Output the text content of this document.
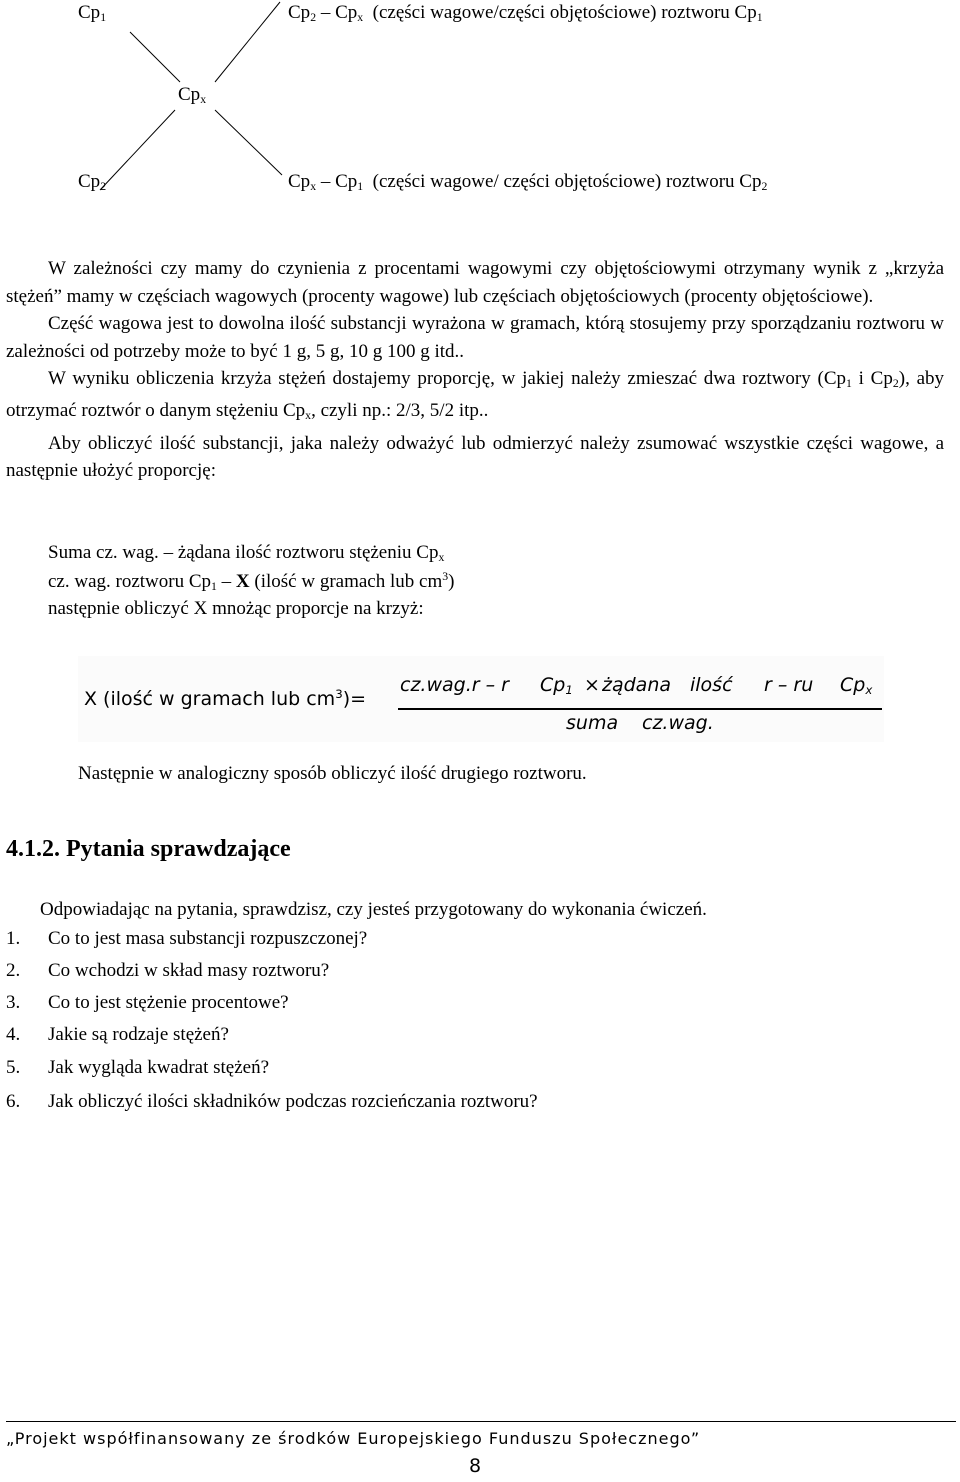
$Cp_1$	$Cp_2 - Cp_x$ (części wagowe/części objętościowe) roztworu $Cp_1$
$Cp_x$
$Cp_2$	$Cp_x - Cp_1$ (części wagowe/ części objętościowe) roztworu $Cp_2$

W zależności czy mamy do czynienia z procentami wagowymi czy objętościowymi otrzymany wynik z „krzyża stężeń” mamy w częściach wagowych (procenty wagowe) lub częściach objętościowych (procenty objętościowe).

Część wagowa jest to dowolna ilość substancji wyrażona w gramach, którą stosujemy przy sporządzaniu roztworu w zależności od potrzeby może to być 1 g, 5 g, 10 g 100 g itd..

W wyniku obliczenia krzyża stężeń dostajemy proporcję, w jakiej należy zmieszać dwa roztwory ($Cp_1$ i $Cp_2$), aby otrzymać roztwór o danym stężeniu $Cp_x$, czyli np.: 2/3, 5/2 itp..

Aby obliczyć ilość substancji, jaka należy odważyć lub odmierzyć należy zsumować wszystkie części wagowe, a następnie ułożyć proporcję:

Suma cz. wag. – żądana ilość roztworu stężeniu $Cp_x$
cz. wag. roztworu $Cp_1$ – X (ilość w gramach lub $cm^3$)
następnie obliczyć X mnożąc proporcje na krzyż:
X (ilość w gramach lub $cm^3)=$
cz.wag.r – r $Cp_1$ × żądana ilość r – ru $Cp_x$
suma cz.wag.
Następnie w analogiczny sposób obliczyć ilość drugiego roztworu.
4.1.2. Pytania sprawdzające
Odpowiadając na pytania, sprawdzisz, czy jesteś przygotowany do wykonania ćwiczeń.
1. Co to jest masa substancji rozpuszczonej?
2. Co wchodzi w skład masy roztworu?
3. Co to jest stężenie procentowe?
4. Jakie są rodzaje stężeń?
5. Jak wygląda kwadrat stężeń?
6. Jak obliczyć ilości składników podczas rozcieńczania roztworu?
„Projekt współfinansowany ze środków Europejskiego Funduszu Społecznego”
8
